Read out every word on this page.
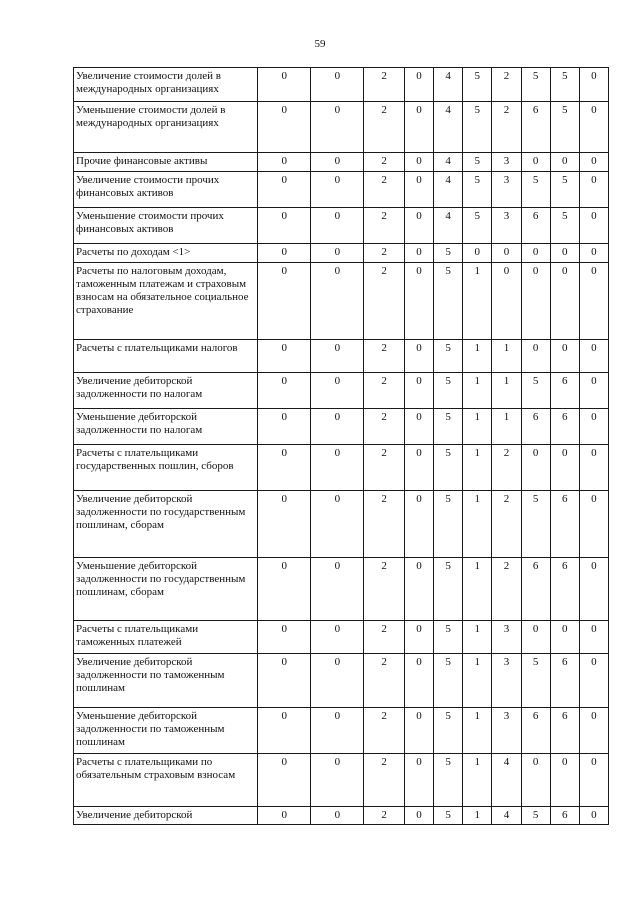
59
Увеличение стоимости долей в международных организациях	0	0	2	0	4	5	2	5	5	0
Уменьшение стоимости долей в международных организациях	0	0	2	0	4	5	2	6	5	0
Прочие финансовые активы	0	0	2	0	4	5	3	0	0	0
Увеличение стоимости прочих финансовых активов	0	0	2	0	4	5	3	5	5	0
Уменьшение стоимости прочих финансовых активов	0	0	2	0	4	5	3	6	5	0
Расчеты по доходам <1>	0	0	2	0	5	0	0	0	0	0
Расчеты по налоговым доходам, таможенным платежам и страховым взносам на обязательное социальное страхование	0	0	2	0	5	1	0	0	0	0
Расчеты с плательщиками налогов	0	0	2	0	5	1	1	0	0	0
Увеличение дебиторской задолженности по налогам	0	0	2	0	5	1	1	5	6	0
Уменьшение дебиторской задолженности по налогам	0	0	2	0	5	1	1	6	6	0
Расчеты с плательщиками государственных пошлин, сборов	0	0	2	0	5	1	2	0	0	0
Увеличение дебиторской задолженности по государственным пошлинам, сборам	0	0	2	0	5	1	2	5	6	0
Уменьшение дебиторской задолженности по государственным пошлинам, сборам	0	0	2	0	5	1	2	6	6	0
Расчеты с плательщиками таможенных платежей	0	0	2	0	5	1	3	0	0	0
Увеличение дебиторской задолженности по таможенным пошлинам	0	0	2	0	5	1	3	5	6	0
Уменьшение дебиторской задолженности по таможенным пошлинам	0	0	2	0	5	1	3	6	6	0
Расчеты с плательщиками по обязательным страховым взносам	0	0	2	0	5	1	4	0	0	0
Увеличение дебиторской	0	0	2	0	5	1	4	5	6	0
